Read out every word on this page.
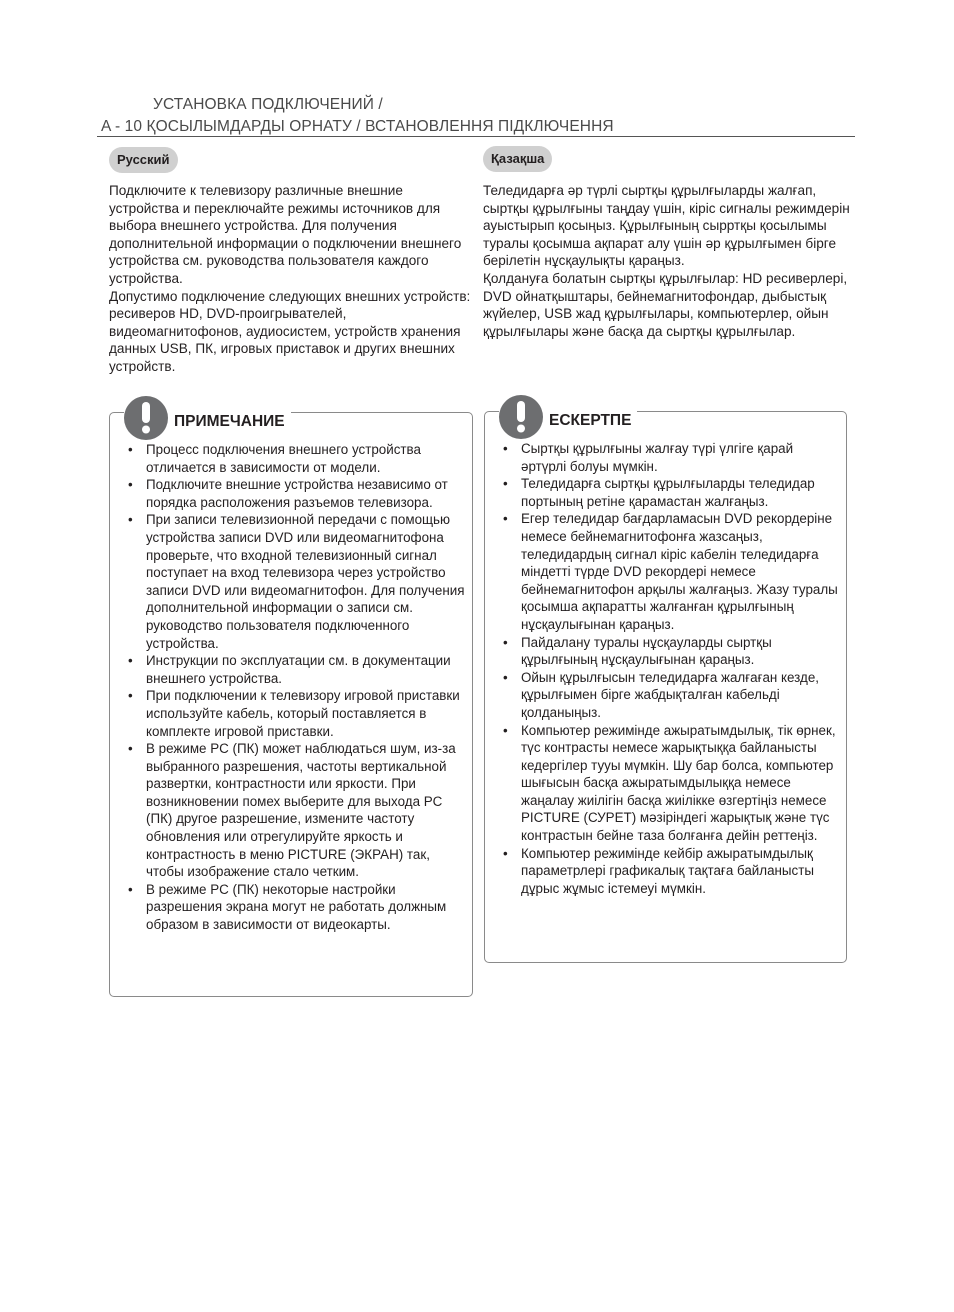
УСТАНОВКА ПОДКЛЮЧЕНИЙ /
A - 10 ҚОСЫЛЫМДАРДЫ ОРНАТУ / ВСТАНОВЛЕННЯ ПІДКЛЮЧЕННЯ
Русский

Подключите к телевизору различные внешние устройства и переключайте режимы источников для выбора внешнего устройства. Для получения дополнительной информации о подключении внешнего устройства см. руководства пользователя каждого устройства.

Допустимо подключение следующих внешних устройств: ресиверов HD, DVD-проигрывателей, видеомагнитофонов, аудиосистем, устройств хранения данных USB, ПК, игровых приставок и других внешних устройств.

ПРИМЕЧАНИЕ
• Процесс подключения внешнего устройства отличается в зависимости от модели.
• Подключите внешние устройства независимо от порядка расположения разъемов телевизора.
• При записи телевизионной передачи с помощью устройства записи DVD или видеомагнитофона проверьте, что входной телевизионный сигнал поступает на вход телевизора через устройство записи DVD или видеомагнитофон. Для получения дополнительной информации о записи см. руководство пользователя подключенного устройства.
• Инструкции по эксплуатации см. в документации внешнего устройства.
• При подключении к телевизору игровой приставки используйте кабель, который поставляется в комплекте игровой приставки.
• В режиме PC (ПК) может наблюдаться шум, из-за выбранного разрешения, частоты вертикальной развертки, контрастности или яркости. При возникновении помех выберите для выхода PC (ПК) другое разрешение, измените частоту обновления или отрегулируйте яркость и контрастность в меню PICTURE (ЭКРАН) так, чтобы изображение стало четким.
• В режиме PC (ПК) некоторые настройки разрешения экрана могут не работать должным образом в зависимости от видеокарты.
Қазақша

Теледидарға әр түрлі сыртқы құрылғыларды жалғап, сыртқы құрылғыны таңдау үшін, кіріс сигналы режимдерін ауыстырып қосыңыз. Құрылғының сырртқы қосылымы туралы қосымша ақпарат алу үшін әр құрылғымен бірге берілетін нұсқаулықты қараңыз.

Қолдануға болатын сыртқы құрылғылар: HD ресиверлері, DVD ойнатқыштары, бейнемагнитофондар, дыбыстық жүйелер, USB жад құрылғылары, компьютерлер, ойын құрылғылары және басқа да сыртқы құрылғылар.

ЕСКЕРТПЕ
• Сыртқы құрылғыны жалғау түрі үлгіге қарай әртүрлі болуы мүмкін.
• Теледидарға сыртқы құрылғыларды теледидар портының ретіне қарамастан жалғаңыз.
• Егер теледидар бағдарламасын DVD рекордеріне немесе бейнемагнитофонға жазсаңыз, теледидардың сигнал кіріс кабелін теледидарға міндетті түрде DVD рекордері немесе бейнемагнитофон арқылы жалғаңыз. Жазу туралы қосымша ақпаратты жалғанған құрылғының нұсқаулығынан қараңыз.
• Пайдалану туралы нұсқауларды сыртқы құрылғының нұсқаулығынан қараңыз.
• Ойын құрылғысын теледидарға жалғаған кезде, құрылғымен бірге жабдықталған кабельді қолданыңыз.
• Компьютер режимінде ажыратымдылық, тік өрнек, түс контрасты немесе жарықтыққа байланысты кедергілер тууы мүмкін. Шу бар болса, компьютер шығысын басқа ажыратымдылыққа немесе жаңалау жиілігін басқа жиілікке өзгертіңіз немесе PICTURE (СУРЕТ) мәзіріндегі жарықтық және түс контрастын бейне таза болғанға дейін реттеңіз.
• Компьютер режимінде кейбір ажыратымдылық параметрлері графикалық тақтаға байланысты дұрыс жұмыс істемеуі мүмкін.
